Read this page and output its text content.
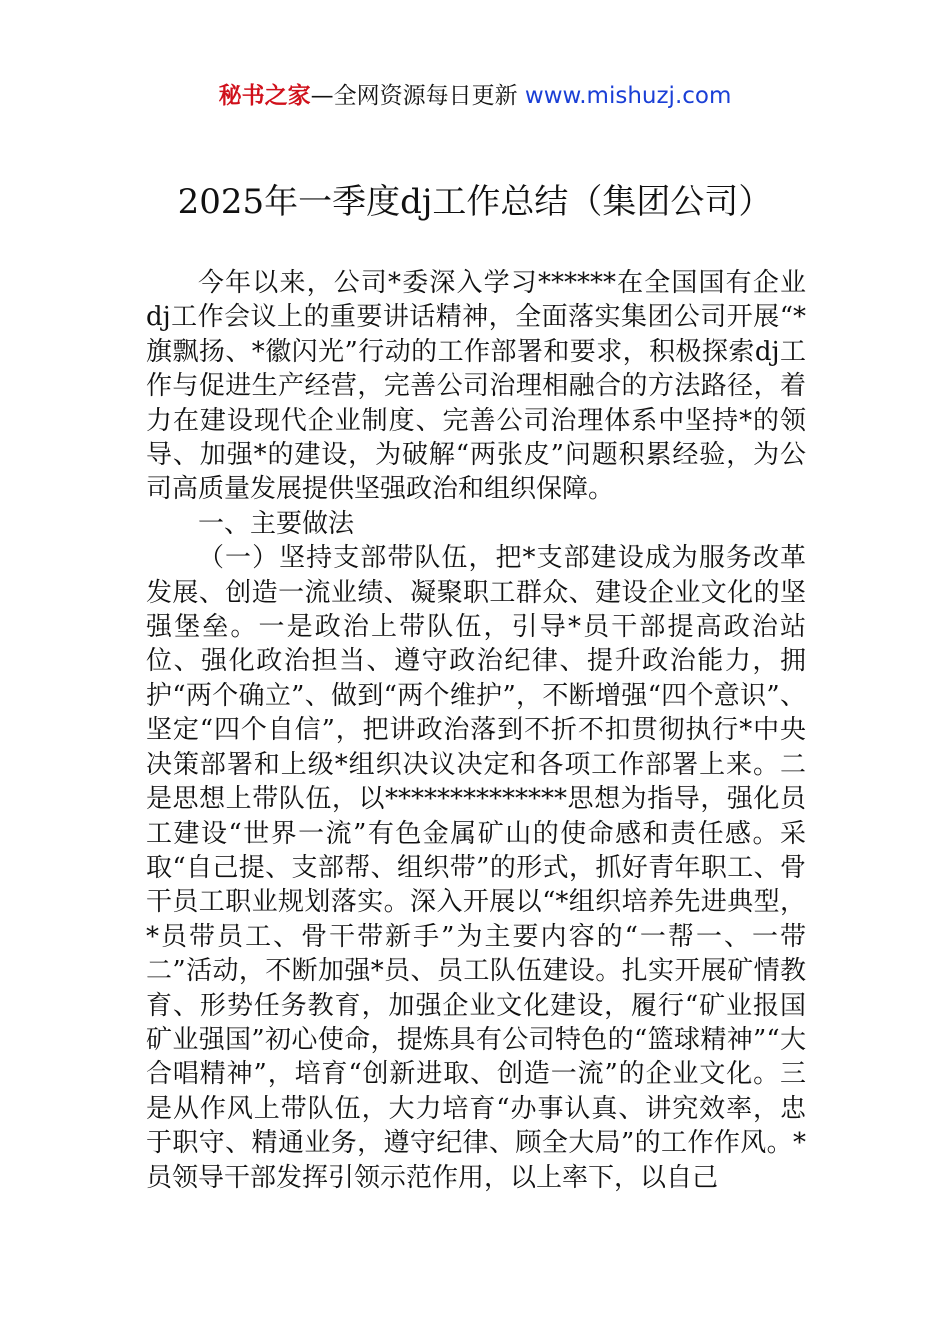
秘书之家—全网资源每日更新 www.mishuzj.com
2025年一季度dj工作总结（集团公司）

今年以来，公司*委深入学习******在全国国有企业dj工作会议上的重要讲话精神，全面落实集团公司开展“*旗飘扬、*徽闪光”行动的工作部署和要求，积极探索dj工作与促进生产经营，完善公司治理相融合的方法路径，着力在建设现代企业制度、完善公司治理体系中坚持*的领导、加强*的建设，为破解“两张皮”问题积累经验，为公司高质量发展提供坚强政治和组织保障。

一、主要做法

（一）坚持支部带队伍，把*支部建设成为服务改革发展、创造一流业绩、凝聚职工群众、建设企业文化的坚强堡垒。一是政治上带队伍，引导*员干部提高政治站位、强化政治担当、遵守政治纪律、提升政治能力，拥护“两个确立”、做到“两个维护”，不断增强“四个意识”、坚定“四个自信”，把讲政治落到不折不扣贯彻执行*中央决策部署和上级*组织决议决定和各项工作部署上来。二是思想上带队伍，以**************思想为指导，强化员工建设“世界一流”有色金属矿山的使命感和责任感。采取“自己提、支部帮、组织带”的形式，抓好青年职工、骨干员工职业规划落实。深入开展以“*组织培养先进典型，*员带员工、骨干带新手”为主要内容的“一帮一、一带二”活动，不断加强*员、员工队伍建设。扎实开展矿情教育、形势任务教育，加强企业文化建设，履行“矿业报国矿业强国”初心使命，提炼具有公司特色的“篮球精神”“大合唱精神”，培育“创新进取、创造一流”的企业文化。三是从作风上带队伍，大力培育“办事认真、讲究效率，忠于职守、精通业务，遵守纪律、顾全大局”的工作作风。*员领导干部发挥引领示范作用，以上率下，以自己
